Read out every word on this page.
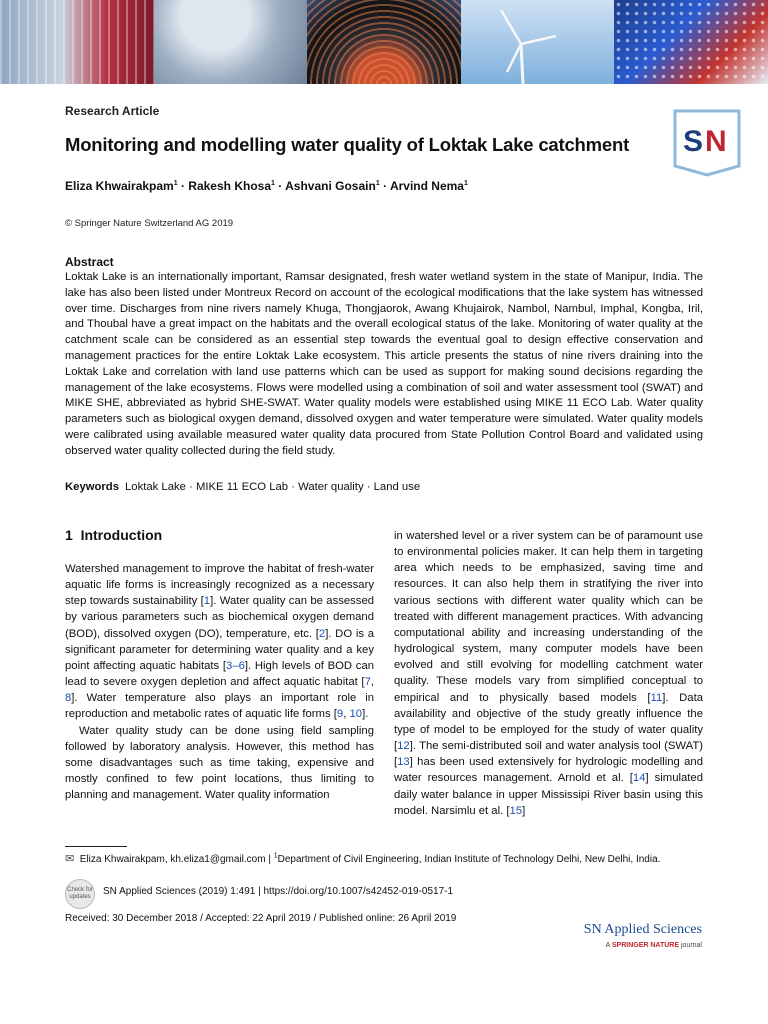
Research Article
Monitoring and modelling water quality of Loktak Lake catchment
Eliza Khwairakpam$^1$ · Rakesh Khosa$^1$ · Ashvani Gosain$^1$ · Arvind Nema$^1$
© Springer Nature Switzerland AG 2019
S N
Abstract
Loktak Lake is an internationally important, Ramsar designated, fresh water wetland system in the state of Manipur, India. The lake has also been listed under Montreux Record on account of the ecological modifications that the lake system has witnessed over time. Discharges from nine rivers namely Khuga, Thongjaorok, Awang Khujairok, Nambol, Nambul, Imphal, Kongba, Iril, and Thoubal have a great impact on the habitats and the overall ecological status of the lake. Monitoring of water quality at the catchment scale can be considered as an essential step towards the eventual goal to design effective conservation and management practices for the entire Loktak Lake ecosystem. This article presents the status of nine rivers draining into the Loktak Lake and correlation with land use patterns which can be used as support for making sound decisions regarding the management of the lake ecosystems. Flows were modelled using a combination of soil and water assessment tool (SWAT) and MIKE SHE, abbreviated as hybrid SHE-SWAT. Water quality models were established using MIKE 11 ECO Lab. Water quality parameters such as biological oxygen demand, dissolved oxygen and water temperature were simulated. Water quality models were calibrated using available measured water quality data procured from State Pollution Control Board and validated using observed water quality collected during the field study.
Keywords Loktak Lake · MIKE 11 ECO Lab · Water quality · Land use
1 Introduction

Watershed management to improve the habitat of fresh-water aquatic life forms is increasingly recognized as a necessary step towards sustainability [1]. Water quality can be assessed by various parameters such as biochemical oxygen demand (BOD), dissolved oxygen (DO), temperature, etc. [2]. DO is a significant parameter for determining water quality and a key point affecting aquatic habitats [3–6]. High levels of BOD can lead to severe oxygen depletion and affect aquatic habitat [7, 8]. Water temperature also plays an important role in reproduction and metabolic rates of aquatic life forms [9, 10].

Water quality study can be done using field sampling followed by laboratory analysis. However, this method has some disadvantages such as time taking, expensive and mostly confined to few point locations, thus limiting to planning and management. Water quality information

in watershed level or a river system can be of paramount use to environmental policies maker. It can help them in targeting area which needs to be emphasized, saving time and resources. It can also help them in stratifying the river into various sections with different water quality which can be treated with different management practices. With advancing computational ability and increasing understanding of the hydrological system, many computer models have been evolved and still evolving for modelling catchment water quality. These models vary from simplified conceptual to empirical and to physically based models [11]. Data availability and objective of the study greatly influence the type of model to be employed for the study of water quality [12]. The semi-distributed soil and water analysis tool (SWAT) [13] has been used extensively for hydrologic modelling and water resources management. Arnold et al. [14] simulated daily water balance in upper Mississipi River basin using this model. Narsimlu et al. [15]

✉ Eliza Khwairakpam, kh.eliza1@gmail.com | $^1$Department of Civil Engineering, Indian Institute of Technology Delhi, New Delhi, India.
Check for updates	SN Applied Sciences (2019) 1:491 | https://doi.org/10.1007/s42452-019-0517-1
Received: 30 December 2018 / Accepted: 22 April 2019 / Published online: 26 April 2019
SN Applied Sciences
A SPRINGER NATURE journal
